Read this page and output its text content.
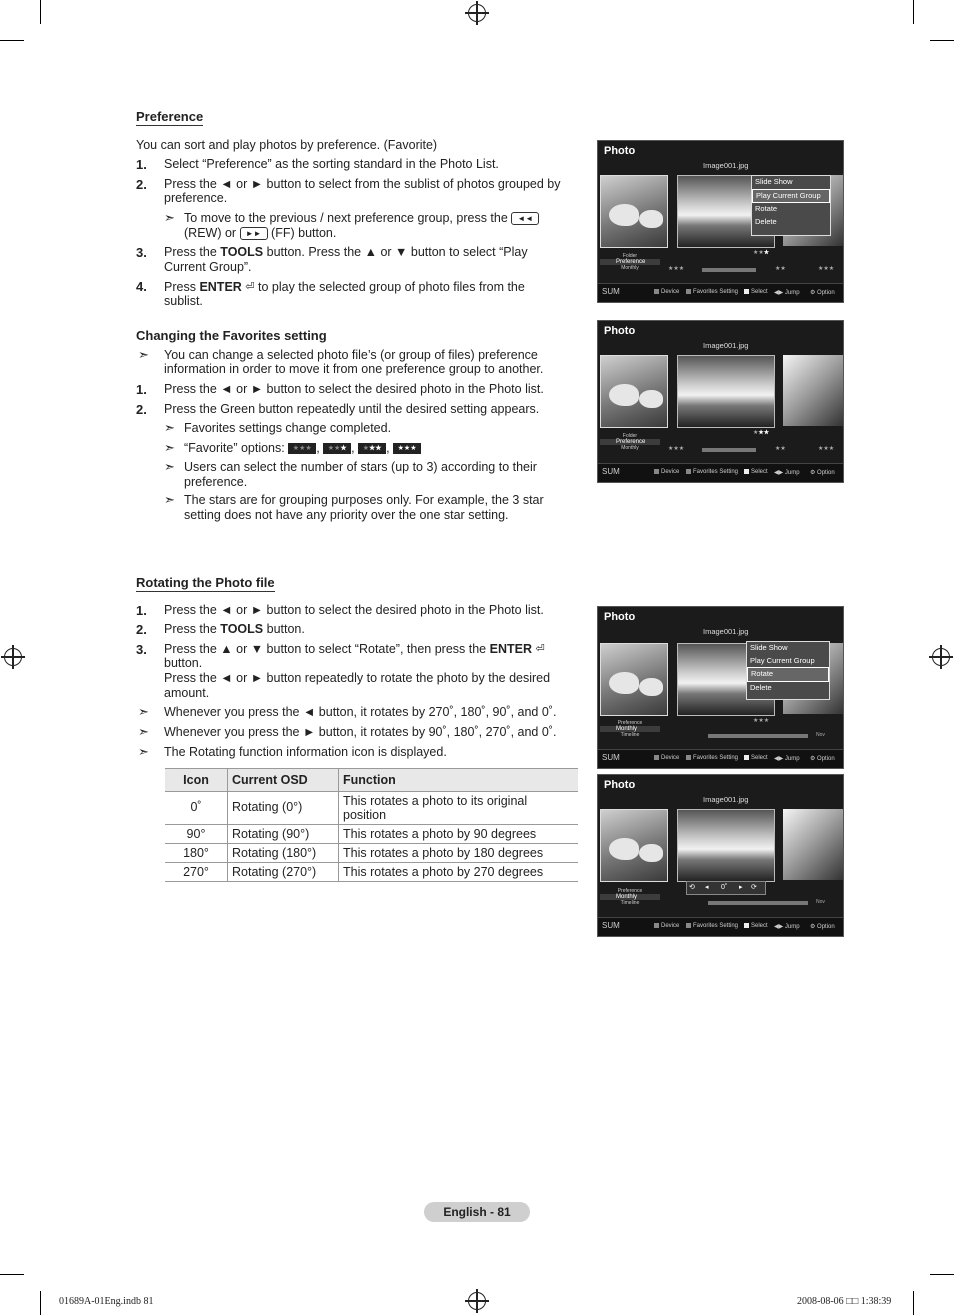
Preference
You can sort and play photos by preference. (Favorite)
1. Select “Preference” as the sorting standard in the Photo List.
2. Press the ◄ or ► button to select from the sublist of photos grouped by
preference.
➣ To move to the previous / next preference group, press the ◄◄
(REW) or ►► (FF) button.
3. Press the TOOLS button. Press the ▲ or ▼ button to select “Play
Current Group”.
4. Press ENTER ⏎ to play the selected group of photo files from the
sublist.
Changing the Favorites setting
➣ You can change a selected photo file’s (or group of files) preference
information in order to move it from one preference group to another.
1. Press the ◄ or ► button to select the desired photo in the Photo list.
2. Press the Green button repeatedly until the desired setting appears.
➣ Favorites settings change completed.
➣ “Favorite” options: ★★★ , ★★★ , ★★★ , ★★★
➣ Users can select the number of stars (up to 3) according to their
preference.
➣ The stars are for grouping purposes only. For example, the 3 star
setting does not have any priority over the one star setting.
Rotating the Photo file
1. Press the ◄ or ► button to select the desired photo in the Photo list.
2. Press the TOOLS button.
3. Press the ▲ or ▼ button to select “Rotate”, then press the ENTER ⏎
button.
Press the ◄ or ► button repeatedly to rotate the photo by the desired
amount.
➣ Whenever you press the ◄ button, it rotates by 270˚, 180˚, 90˚, and 0˚.
➣ Whenever you press the ► button, it rotates by 90˚, 180˚, 270˚, and 0˚.
➣ The Rotating function information icon is displayed.
Icon	Current OSD	Function
0˚	Rotating (0°)	This rotates a photo to its original
position
90°	Rotating (90°)	This rotates a photo by 90 degrees
180°	Rotating (180°)	This rotates a photo by 180 degrees
270°	Rotating (270°)	This rotates a photo by 270 degrees
Photo
Image001.jpg
Slide Show
Play Current Group
Rotate
Delete
★★★
Folder
Preference
Monthly	★★★	★★	★★★
SUM	Device	Favorites Setting	Select ◀▶ Jump ⚙ Option
Photo
Image001.jpg
★★★
Folder
Preference
Monthly	★★★	★★	★★★
SUM	Device	Favorites Setting	Select ◀▶ Jump ⚙ Option
Photo
Image001.jpg
Slide Show
Play Current Group
Rotate
Delete
★★★
Preference
Monthly
Timeline	Nov
SUM	Device	Favorites Setting	Select ◀▶ Jump ⚙ Option
Photo
Image001.jpg
⟲ ◂ 0˚ ▸ ⟳
Preference
Monthly
Timeline	Nov
SUM	Device	Favorites Setting	Select ◀▶ Jump ⚙ Option
English - 81
01689A-01Eng.indb 81	2008-08-06 □□ 1:38:39
